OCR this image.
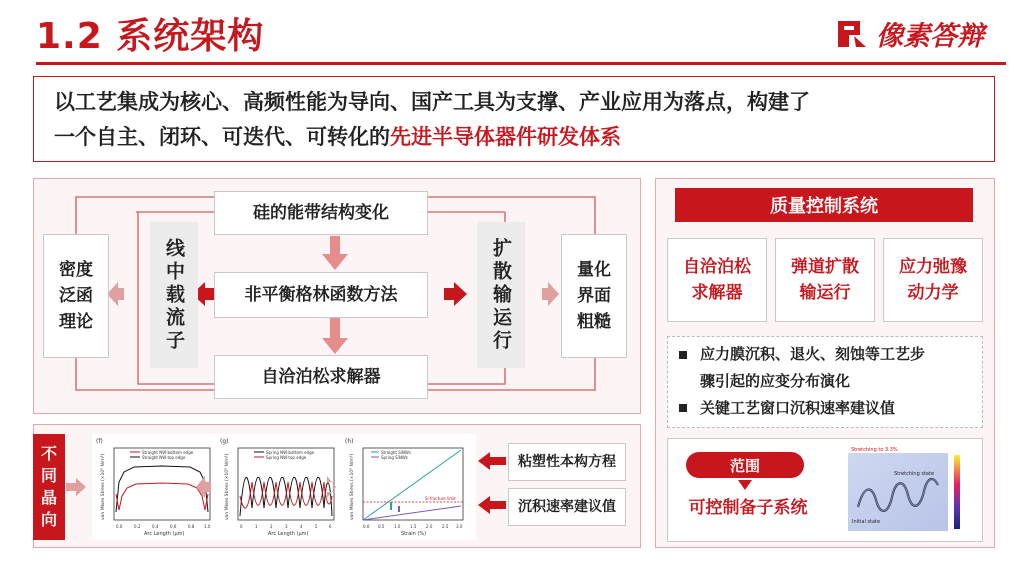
1.2 系统架构	像素答辩
以工艺集成为核心、高频性能为导向、国产工具为支撑、产业应用为落点，构建了
一个自主、闭环、可迭代、可转化的先进半导体器件研发体系
硅的能带结构变化
非平衡格林函数方法
自洽泊松求解器
密度
泛函
理论	线中载流子	扩散输运行	量化
界面
粗糙
质量控制系统
自洽泊松
求解器
弹道扩散
输运行
应力弛豫
动力学
应力膜沉积、退火、刻蚀等工艺步
骤引起的应变分布演化
关键工艺窗口沉积速率建议值
范围
可控制备子系统
Stretching to 3.3%
Stretching state
Initial state
不
同
晶
向
(f)
Straight NW-bottom edge
Straight NW-top edge
0.0	0.2	0.4	0.6	0.8 1.0
Arc Length (μm)
von Mises Stress (×10⁸ N/m²)
(g)
Spring NW-bottom edge
Spring NW-top edge
0	1	2	3	4	5	6
Arc Length (μm)
von Mises Stress (×10⁸ N/m²)
(h)
Straight SiNWs
Spring SiNWs
Si fracture limit
0.0 0.5 1.0 1.5 2.0 2.5 3.0
Strain (%)
von Mises Stress (×10⁸ N/m²)	粘塑性本构方程
沉积速率建议值
